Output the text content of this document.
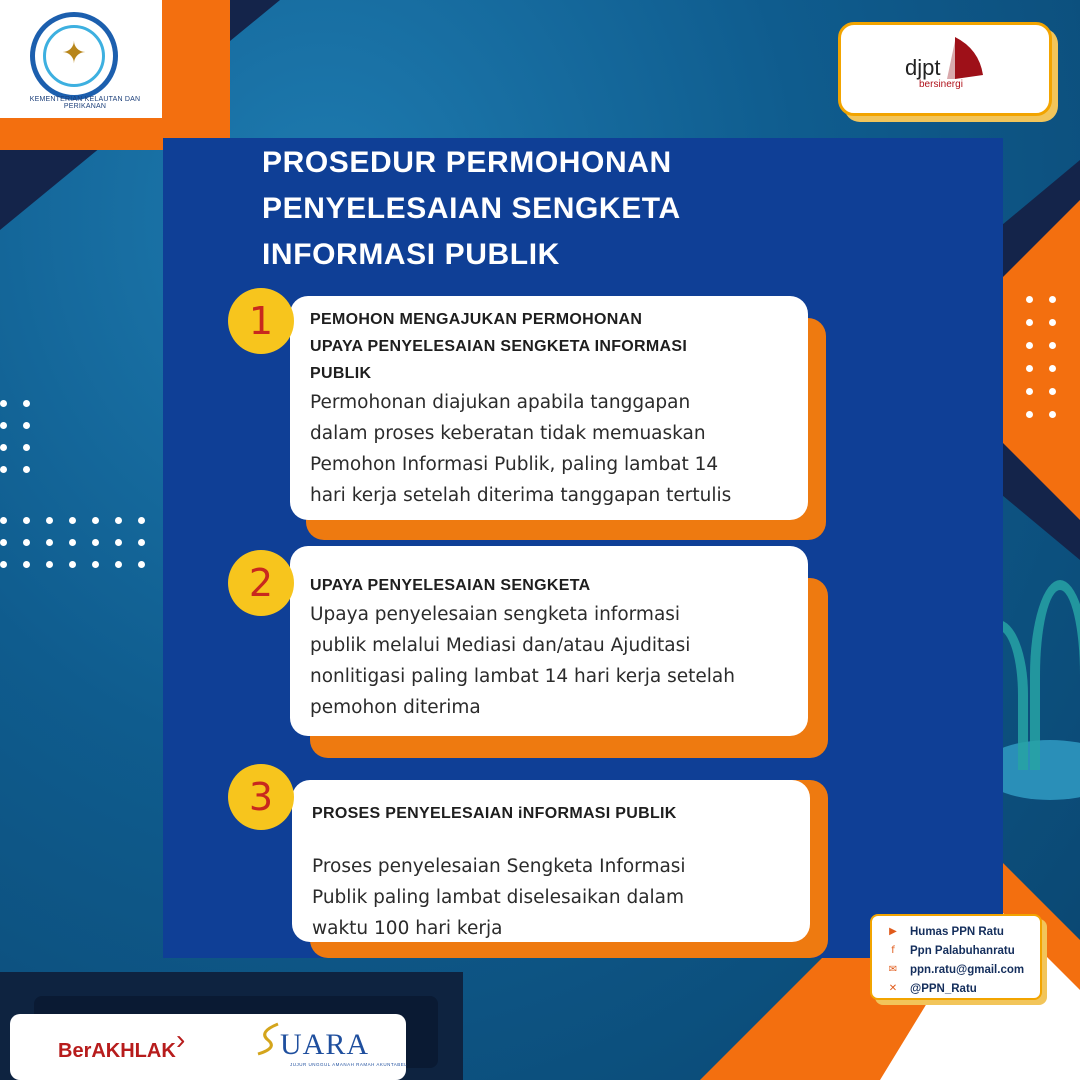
✦
KEMENTERIAN KELAUTAN DAN PERIKANAN
djpt
bersinergi
PROSEDUR PERMOHONAN
PENYELESAIAN SENGKETA
INFORMASI PUBLIK
PEMOHON MENGAJUKAN PERMOHONAN
UPAYA PENYELESAIAN SENGKETA INFORMASI
PUBLIK
Permohonan diajukan apabila tanggapan
dalam proses keberatan tidak memuaskan
Pemohon Informasi Publik, paling lambat 14
hari kerja setelah diterima tanggapan tertulis
1
UPAYA PENYELESAIAN SENGKETA
Upaya penyelesaian sengketa informasi
publik melalui Mediasi dan/atau Ajuditasi
nonlitigasi paling lambat 14 hari kerja setelah
pemohon diterima
2
PROSES PENYELESAIAN iNFORMASI PUBLIK
Proses penyelesaian Sengketa Informasi
Publik paling lambat diselesaikan dalam
waktu 100 hari kerja
3
▶ Humas PPN Ratu
f	Ppn Palabuhanratu
✉ ppn.ratu@gmail.com
✕ @PPN_Ratu
BerAKHLAK ›	UARA
JUJUR UNGGUL AMANAH RAMAH AKUNTABEL
